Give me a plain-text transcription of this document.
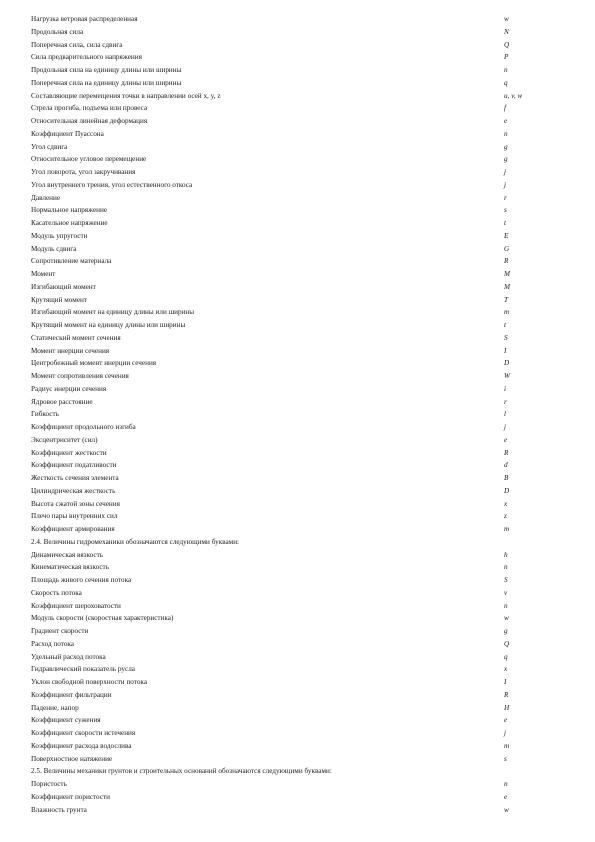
Нагрузка ветровая распределенная	w
Продольная сила	N
Поперечная сила, сила сдвига	Q
Сила предварительного напряжения	P
Продольная сила на единицу длины или ширины	n
Поперечная сила на единицу длины или ширины	q
Составляющие перемещения точки в направлении осей x, y, z	u, v, w
Стрела прогиба, подъема или провеса	f
Относительная линейная деформация	e
Коэффициент Пуассона	n
Угол сдвига	g
Относительное угловое перемещение	g
Угол поворота, угол закручивания	j
Угол внутреннего трения, угол естественного откоса	j
Давление	r
Нормальное напряжение	s
Касательное напряжение	t
Модуль упругости	E
Модуль сдвига	G
Сопротивление материала	R
Момент	M
Изгибающий момент	M
Крутящий момент	T
Изгибающий момент на единицу длины или ширины	m
Крутящий момент на единицу длины или ширины	t
Статический момент сечения	S
Момент инерции сечения	I
Центробежный момент инерции сечения	D
Момент сопротивления сечения	W
Радиус инерции сечения	i
Ядровое расстояние	r
Гибкость	l
Коэффициент продольного изгиба	j
Эксцентриситет (сил)	e
Коэффициент жесткости	R
Коэффициент податливости	d
Жесткость сечения элемента	B
Цилиндрическая жесткость	D
Высота сжатой зоны сечения	x
Плечо пары внутренних сил	z
Коэффициент армирования	m
2.4. Величины гидромеханики обозначаются следующими буквами:
Динамическая вязкость	h
Кинематическая вязкость	n
Площадь живого сечения потока	S
Скорость потока	v
Коэффициент шероховатости	n
Модуль скорости (скоростная характеристика)	w
Градиент скорости	g
Расход потока	Q
Удельный расход потока	q
Гидравлический показатель русла	x
Уклон свободной поверхности потока	I
Коэффициент фильтрации	R
Падение, напор	H
Коэффициент сужения	e
Коэффициент скорости истечения	j
Коэффициент расхода водослива	m
Поверхностное натяжение	s
2.5. Величины механики грунтов и строительных оснований обозначаются следующими буквами:
Пористость	n
Коэффициент пористости	e
Влажность грунта	w
